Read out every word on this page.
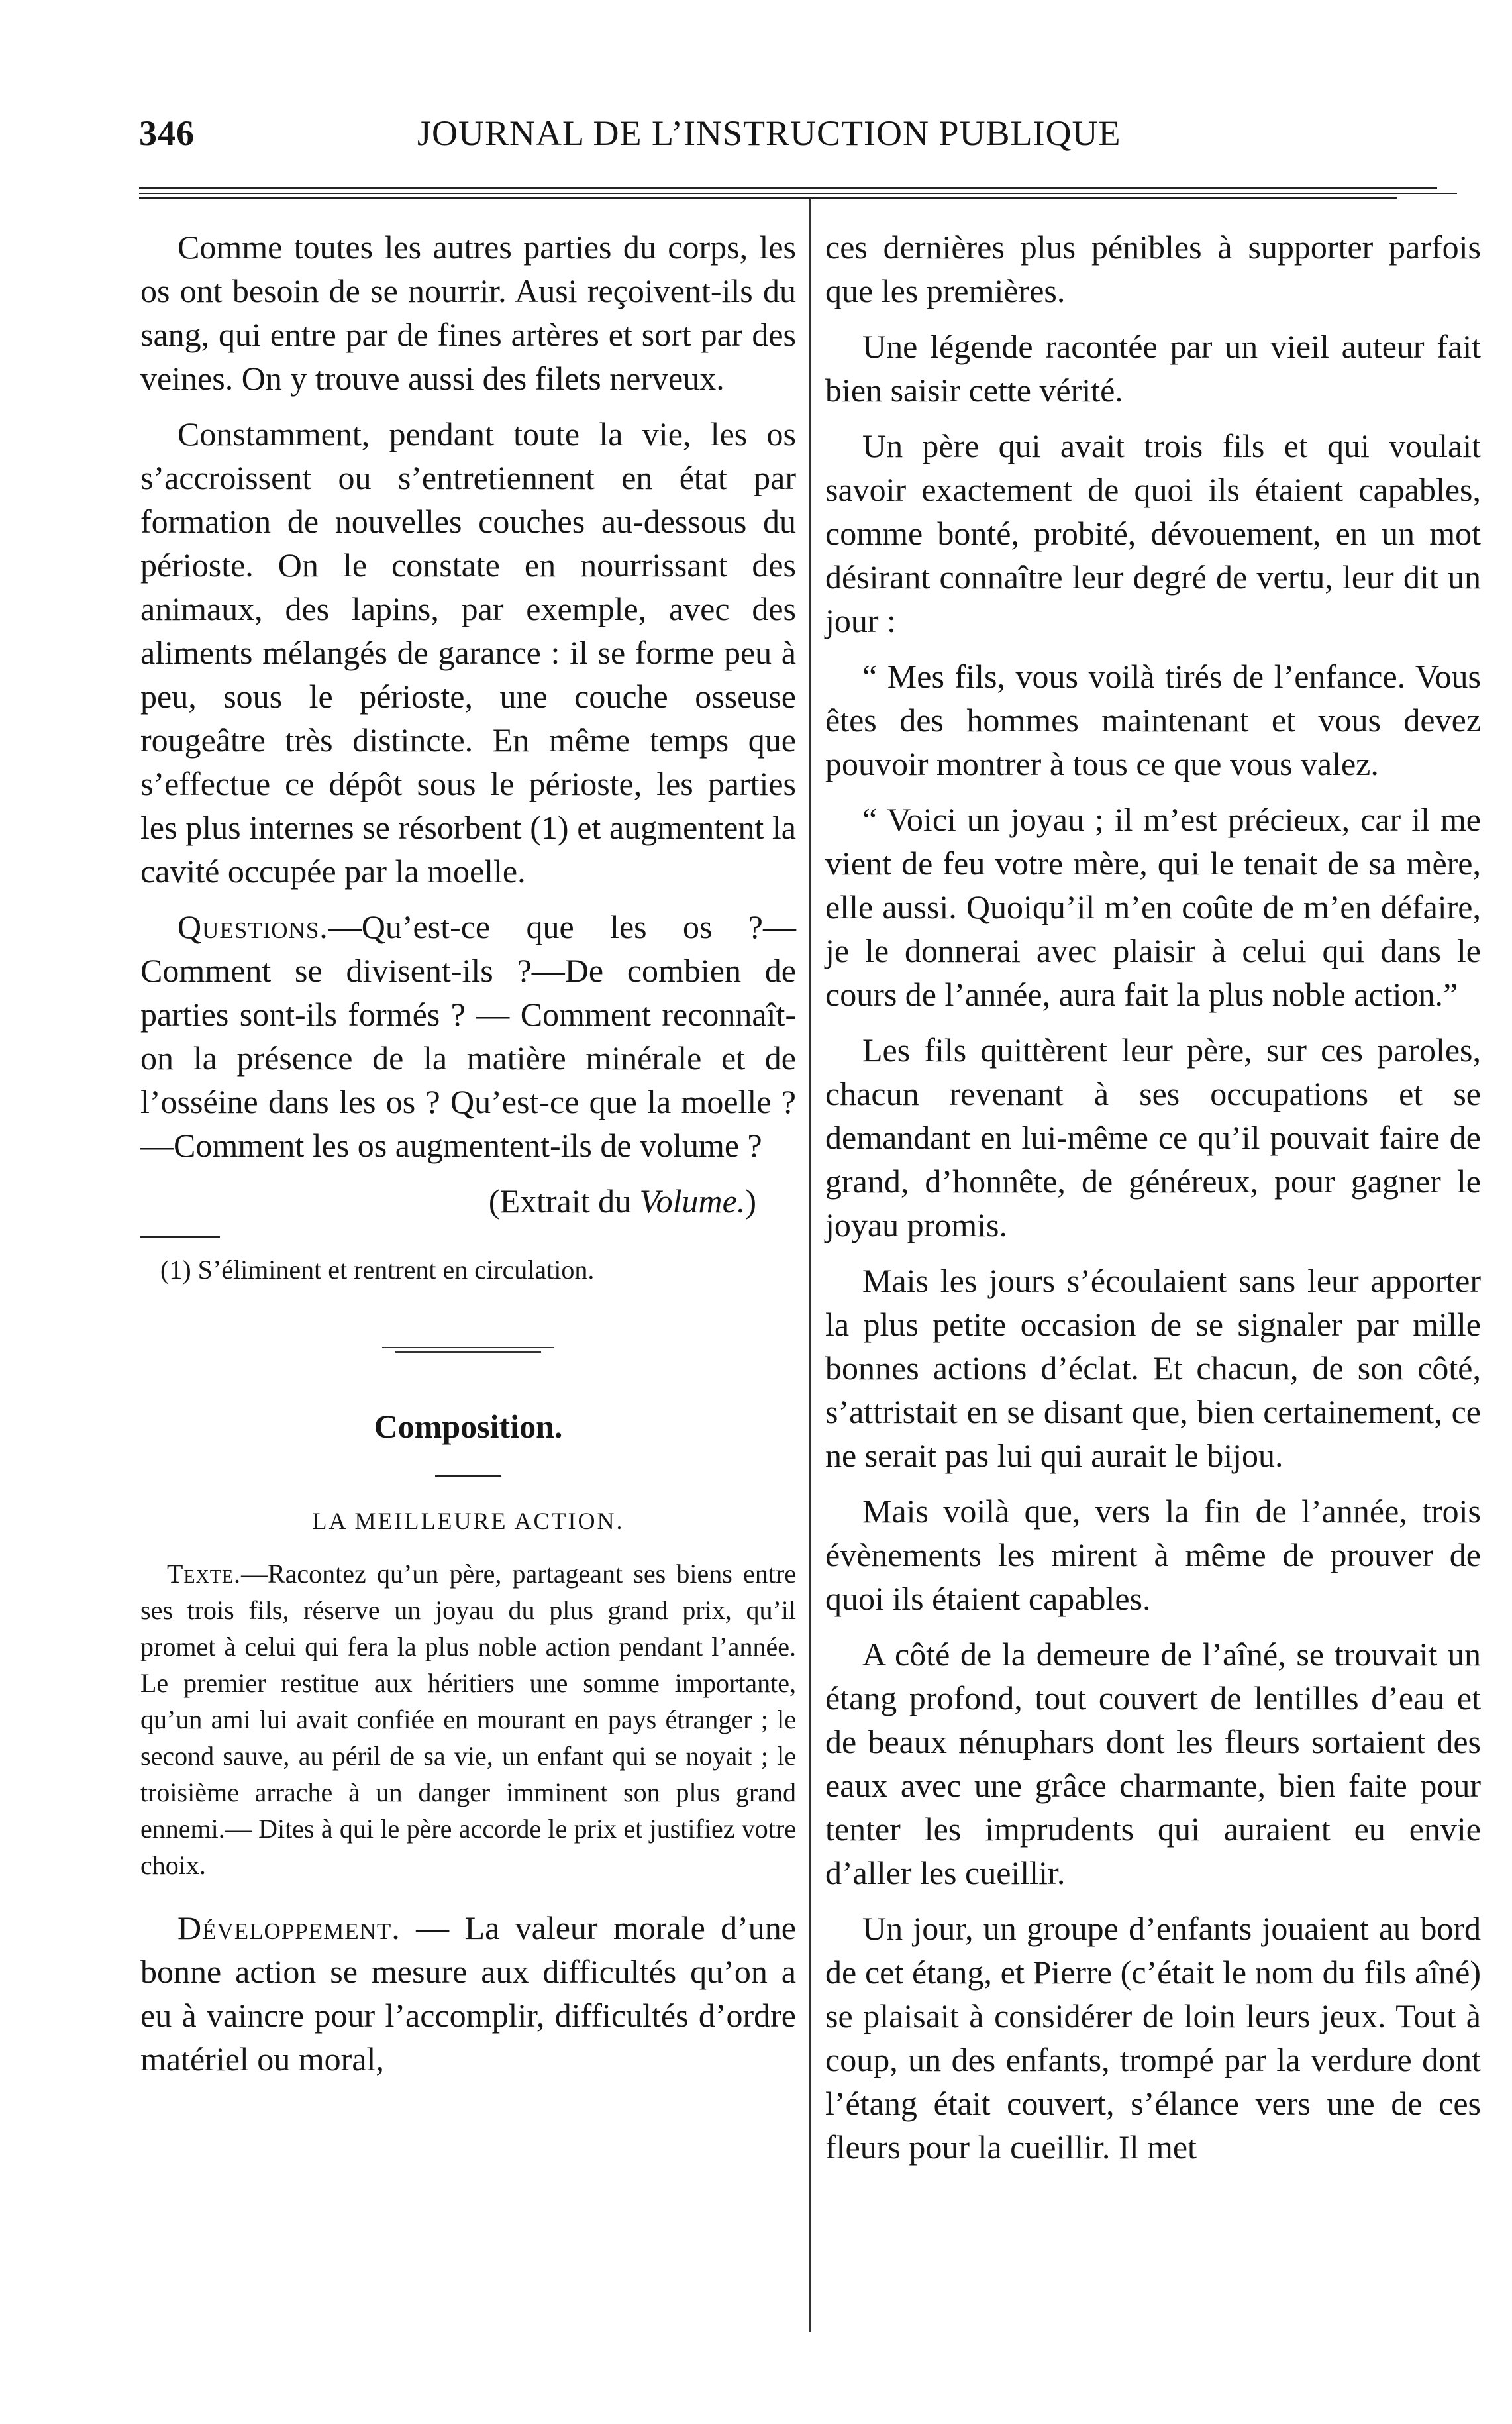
346	JOURNAL DE L’INSTRUCTION PUBLIQUE

Comme toutes les autres parties du corps, les os ont besoin de se nourrir. Ausi reçoivent-ils du sang, qui entre par de fines artères et sort par des veines. On y trouve aussi des filets nerveux.

Constamment, pendant toute la vie, les os s’accroissent ou s’entretiennent en état par formation de nouvelles couches au-dessous du périoste. On le constate en nourrissant des animaux, des lapins, par exemple, avec des aliments mélangés de garance : il se forme peu à peu, sous le périoste, une couche osseuse rougeâtre très distincte. En même temps que s’effectue ce dépôt sous le périoste, les parties les plus internes se résorbent (1) et augmentent la cavité occupée par la moelle.

Questions.—Qu’est-ce que les os ?—Comment se divisent-ils ?—De combien de parties sont-ils formés ? — Comment reconnaît-on la présence de la matière minérale et de l’osséine dans les os ? Qu’est-ce que la moelle ?—Comment les os augmentent-ils de volume ?

(Extrait du Volume.)

(1) S’éliminent et rentrent en circulation.

Composition.
LA MEILLEURE ACTION.

Texte.—Racontez qu’un père, partageant ses biens entre ses trois fils, réserve un joyau du plus grand prix, qu’il promet à celui qui fera la plus noble action pendant l’année. Le premier restitue aux héritiers une somme importante, qu’un ami lui avait confiée en mourant en pays étranger ; le second sauve, au péril de sa vie, un enfant qui se noyait ; le troisième arrache à un danger imminent son plus grand ennemi.— Dites à qui le père accorde le prix et justifiez votre choix.

Développement. — La valeur morale d’une bonne action se mesure aux difficultés qu’on a eu à vaincre pour l’accomplir, difficultés d’ordre matériel ou moral,

ces dernières plus pénibles à supporter parfois que les premières.

Une légende racontée par un vieil auteur fait bien saisir cette vérité.

Un père qui avait trois fils et qui voulait savoir exactement de quoi ils étaient capables, comme bonté, probité, dévouement, en un mot désirant connaître leur degré de vertu, leur dit un jour :

“ Mes fils, vous voilà tirés de l’enfance. Vous êtes des hommes maintenant et vous devez pouvoir montrer à tous ce que vous valez.

“ Voici un joyau ; il m’est précieux, car il me vient de feu votre mère, qui le tenait de sa mère, elle aussi. Quoiqu’il m’en coûte de m’en défaire, je le donnerai avec plaisir à celui qui dans le cours de l’année, aura fait la plus noble action.”

Les fils quittèrent leur père, sur ces paroles, chacun revenant à ses occupations et se demandant en lui-même ce qu’il pouvait faire de grand, d’honnête, de généreux, pour gagner le joyau promis.

Mais les jours s’écoulaient sans leur apporter la plus petite occasion de se signaler par mille bonnes actions d’éclat. Et chacun, de son côté, s’attristait en se disant que, bien certainement, ce ne serait pas lui qui aurait le bijou.

Mais voilà que, vers la fin de l’année, trois évènements les mirent à même de prouver de quoi ils étaient capables.

A côté de la demeure de l’aîné, se trouvait un étang profond, tout couvert de lentilles d’eau et de beaux nénuphars dont les fleurs sortaient des eaux avec une grâce charmante, bien faite pour tenter les imprudents qui auraient eu envie d’aller les cueillir.

Un jour, un groupe d’enfants jouaient au bord de cet étang, et Pierre (c’était le nom du fils aîné) se plaisait à considérer de loin leurs jeux. Tout à coup, un des enfants, trompé par la verdure dont l’étang était couvert, s’élance vers une de ces fleurs pour la cueillir. Il met
